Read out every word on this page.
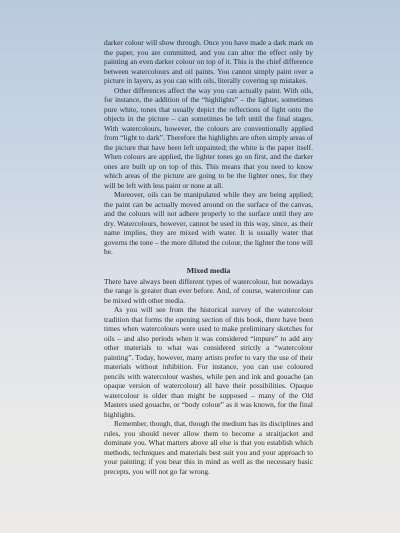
darker colour will show through. Once you have made a dark mark on the paper, you are committed, and you can alter the effect only by painting an even darker colour on top of it. This is the chief difference between watercolours and oil paints. You cannot simply paint over a picture in layers, as you can with oils, literally covering up mistakes.

Other differences affect the way you can actually paint. With oils, for instance, the addition of the “highlights” – the lighter, sometimes pure white, tones that usually depict the reflections of light onto the objects in the picture – can sometimes be left until the final stages. With watercolours, however, the colours are conventionally applied from “light to dark”. Therefore the highlights are often simply areas of the picture that have been left unpainted; the white is the paper itself. When colours are applied, the lighter tones go on first, and the darker ones are built up on top of this. This means that you need to know which areas of the picture are going to be the lighter ones, for they will be left with less paint or none at all.

Moreover, oils can be manipulated while they are being applied; the paint can be actually moved around on the surface of the canvas, and the colours will not adhere properly to the surface until they are dry. Watercolours, however, cannot be used in this way, since, as their name implies, they are mixed with water. It is usually water that governs the tone – the more diluted the colour, the lighter the tone will be.

Mixed media

There have always been different types of watercolour, but nowadays the range is greater than ever before. And, of course, watercolour can be mixed with other media.

As you will see from the historical survey of the watercolour tradition that forms the opening section of this book, there have been times when watercolours were used to make preliminary sketches for oils – and also periods when it was considered “impure” to add any other materials to what was considered strictly a “watercolour painting”. Today, however, many artists prefer to vary the use of their materials without inhibition. For instance, you can use coloured pencils with watercolour washes, while pen and ink and gouache (an opaque version of watercolour) all have their possibilities. Opaque watercolour is older than might be supposed – many of the Old Masters used gouache, or “body colour” as it was known, for the final highlights.

Remember, though, that, though the medium has its disciplines and rules, you should never allow them to become a straitjacket and dominate you. What matters above all else is that you establish which methods, techniques and materials best suit you and your approach to your painting; if you bear this in mind as well as the necessary basic precepts, you will not go far wrong.
